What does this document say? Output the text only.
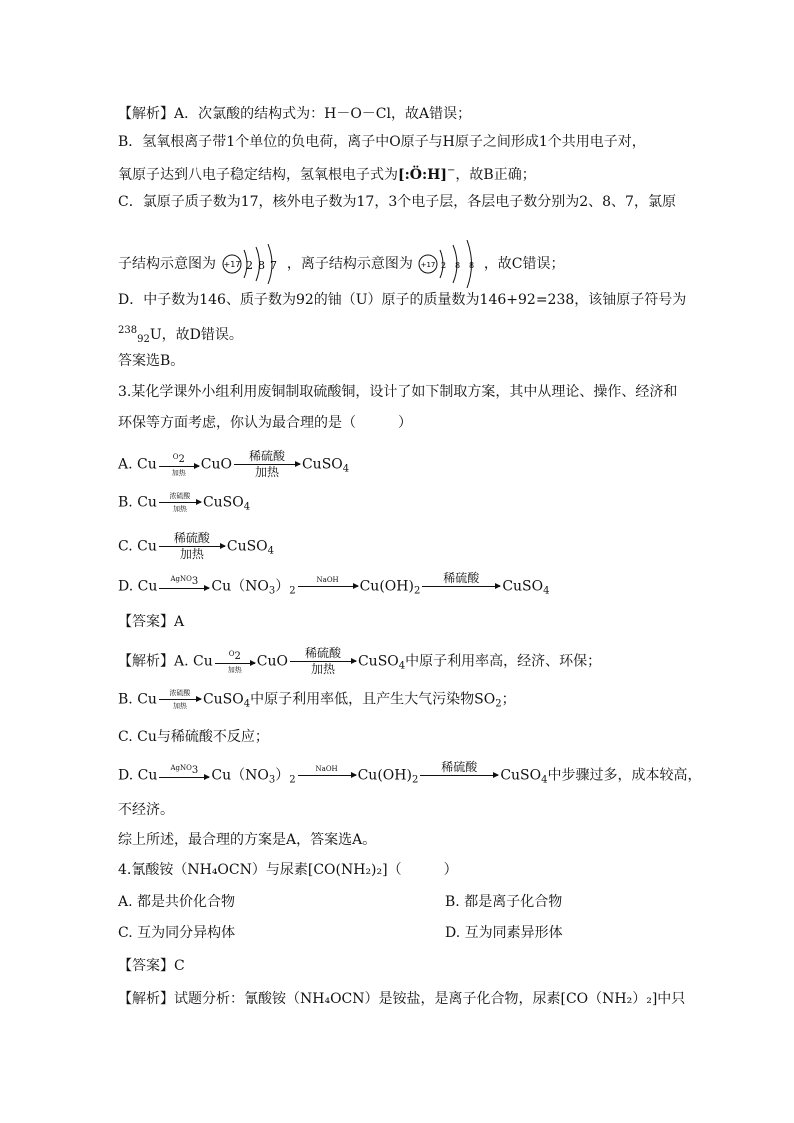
【解析】A．次氯酸的结构式为：H－O－Cl，故A错误；
B．氢氧根离子带1个单位的负电荷，离子中O原子与H原子之间形成1个共用电子对，
氧原子达到八电子稳定结构，氢氧根电子式为[:Ö:H]−，故B正确；
C．氯原子质子数为17，核外电子数为17，3个电子层，各层电子数分别为2、8、7，氯原
子结构示意图为 +17 2 8 7 ，离子结构示意图为 +17 2 8 8 ，故C错误；
D．中子数为146、质子数为92的铀（U）原子的质量数为146+92=238，该铀原子符号为
$^{238}_{92}$U，故D错误。
答案选B。
3.某化学课外小组利用废铜制取硫酸铜，设计了如下制取方案，其中从理论、操作、经济和
环保等方面考虑，你认为最合理的是（　　　）
A. Cu	O2
加热	CuO
稀硫酸
加热	CuSO$_4$
B. Cu	浓硫酸
加热	CuSO$_4$
C. Cu
稀硫酸
加热	CuSO$_4$
D. Cu	AgNO3
$Cu(NO_3)_2$
NaOH
	$Cu(OH)_2$
稀硫酸

CuSO$_4$
【答案】A
【解析】A. Cu	O2
加热	CuO
稀硫酸
加热	CuSO$_4$中原子利用率高，经济、环保；
B. Cu	浓硫酸
加热	CuSO$_4$中原子利用率低，且产生大气污染物$SO_2$；
C. Cu与稀硫酸不反应；
D. Cu	AgNO3
$Cu(NO_3)_2$
NaOH
	$Cu(OH)_2$
稀硫酸

CuSO$_4$中步骤过多，成本较高，
不经济。
综上所述，最合理的方案是A，答案选A。
4.氰酸铵（NH₄OCN）与尿素[CO(NH₂)₂]（　　　）
A. 都是共价化合物	B. 都是离子化合物
C. 互为同分异构体	D. 互为同素异形体
【答案】C
【解析】试题分析：氰酸铵（NH₄OCN）是铵盐，是离子化合物，尿素[CO（NH₂）₂]中只
